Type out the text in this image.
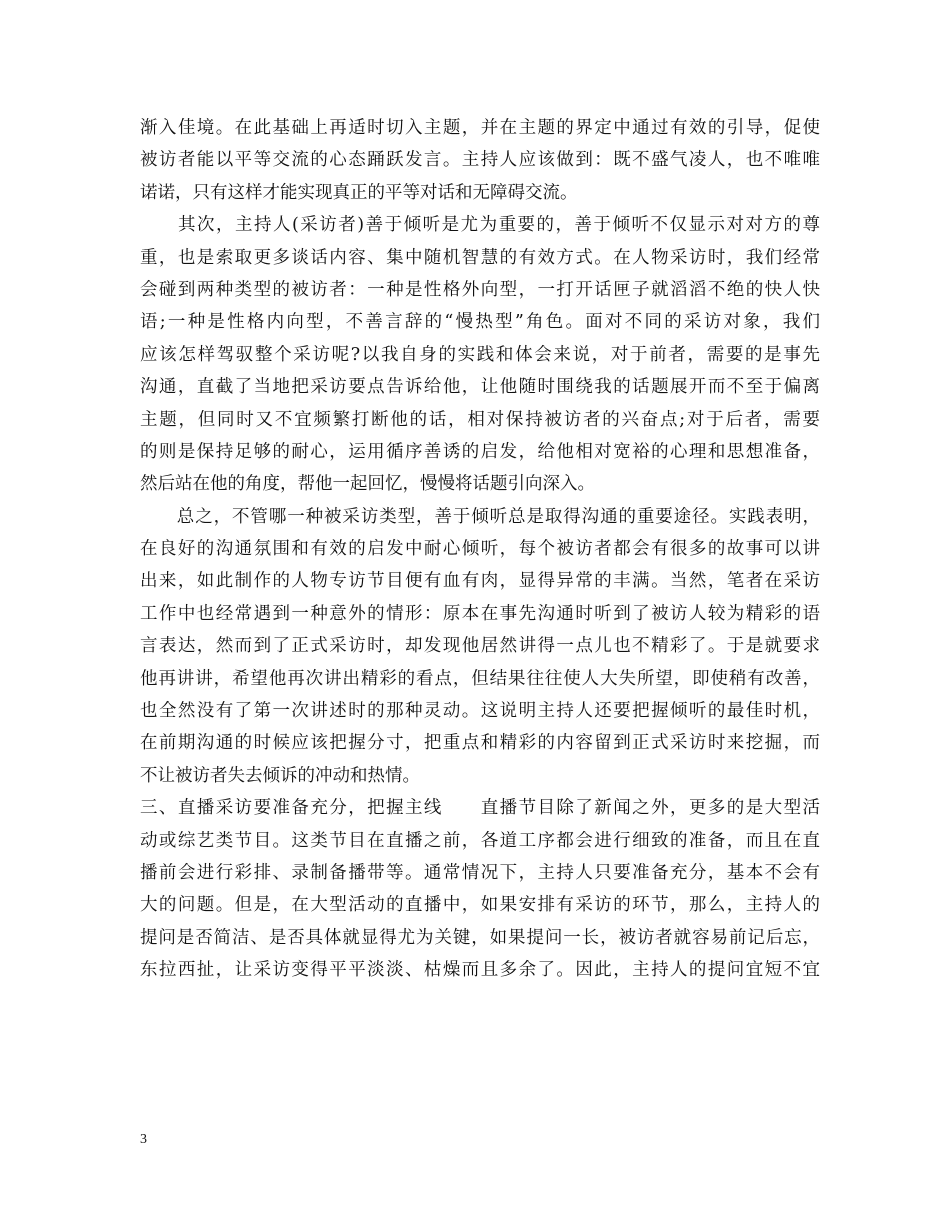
渐入佳境。在此基础上再适时切入主题，并在主题的界定中通过有效的引导，促使
被访者能以平等交流的心态踊跃发言。主持人应该做到：既不盛气凌人，也不唯唯
诺诺，只有这样才能实现真正的平等对话和无障碍交流。
　　其次，主持人(采访者)善于倾听是尤为重要的，善于倾听不仅显示对对方的尊
重，也是索取更多谈话内容、集中随机智慧的有效方式。在人物采访时，我们经常
会碰到两种类型的被访者：一种是性格外向型，一打开话匣子就滔滔不绝的快人快
语;一种是性格内向型，不善言辞的“慢热型”角色。面对不同的采访对象，我们
应该怎样驾驭整个采访呢?以我自身的实践和体会来说，对于前者，需要的是事先
沟通，直截了当地把采访要点告诉给他，让他随时围绕我的话题展开而不至于偏离
主题，但同时又不宜频繁打断他的话，相对保持被访者的兴奋点;对于后者，需要
的则是保持足够的耐心，运用循序善诱的启发，给他相对宽裕的心理和思想准备，
然后站在他的角度，帮他一起回忆，慢慢将话题引向深入。
　　总之，不管哪一种被采访类型，善于倾听总是取得沟通的重要途径。实践表明，
在良好的沟通氛围和有效的启发中耐心倾听，每个被访者都会有很多的故事可以讲
出来，如此制作的人物专访节目便有血有肉，显得异常的丰满。当然，笔者在采访
工作中也经常遇到一种意外的情形：原本在事先沟通时听到了被访人较为精彩的语
言表达，然而到了正式采访时，却发现他居然讲得一点儿也不精彩了。于是就要求
他再讲讲，希望他再次讲出精彩的看点，但结果往往使人大失所望，即使稍有改善，
也全然没有了第一次讲述时的那种灵动。这说明主持人还要把握倾听的最佳时机，
在前期沟通的时候应该把握分寸，把重点和精彩的内容留到正式采访时来挖掘，而
不让被访者失去倾诉的冲动和热情。
三、直播采访要准备充分，把握主线　　直播节目除了新闻之外，更多的是大型活
动或综艺类节目。这类节目在直播之前，各道工序都会进行细致的准备，而且在直
播前会进行彩排、录制备播带等。通常情况下，主持人只要准备充分，基本不会有
大的问题。但是，在大型活动的直播中，如果安排有采访的环节，那么，主持人的
提问是否简洁、是否具体就显得尤为关键，如果提问一长，被访者就容易前记后忘，
东拉西扯，让采访变得平平淡淡、枯燥而且多余了。因此，主持人的提问宜短不宜
3
